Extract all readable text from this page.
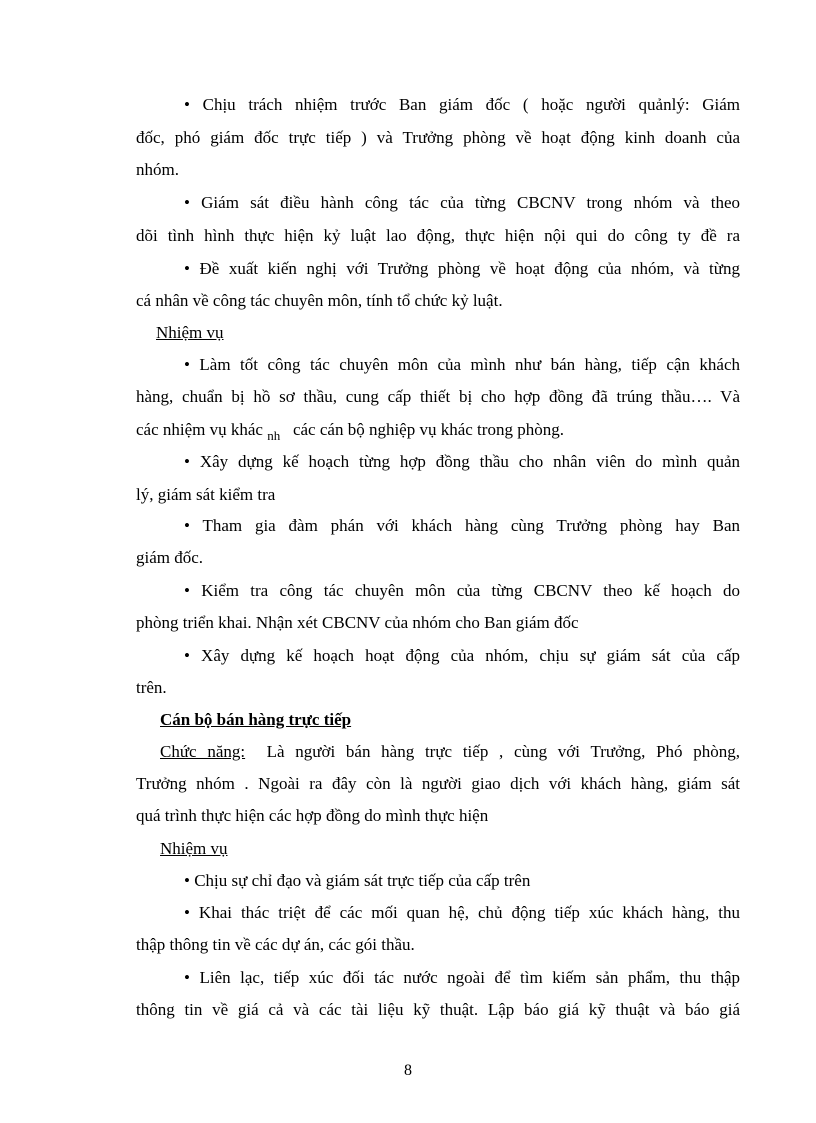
• Chịu trách nhiệm trước Ban giám đốc ( hoặc người quảnlý: Giám
đốc, phó giám đốc trực tiếp ) và Trưởng phòng về hoạt động kinh doanh của
nhóm.
• Giám sát điều hành công tác của từng CBCNV trong nhóm và theo
dõi tình hình thực hiện kỷ luật lao động, thực hiện nội qui do công ty đề ra
• Đề xuất kiến nghị với Trưởng phòng về hoạt động của nhóm, và từng
cá nhân về công tác chuyên môn, tính tổ chức kỷ luật.
Nhiệm vụ
• Làm tốt công tác chuyên môn của mình như bán hàng, tiếp cận khách
hàng, chuẩn bị hồ sơ thầu, cung cấp thiết bị cho hợp đồng đã trúng thầu…. Và
các nhiệm vụ khác $_{nh}$ các cán bộ nghiệp vụ khác trong phòng.
• Xây dựng kế hoạch từng hợp đồng thầu cho nhân viên do mình quản
lý, giám sát kiểm tra
• Tham gia đàm phán với khách hàng cùng Trưởng phòng hay Ban
giám đốc.
• Kiểm tra công tác chuyên môn của từng CBCNV theo kế hoạch do
phòng triển khai. Nhận xét CBCNV của nhóm cho Ban giám đốc
• Xây dựng kế hoạch hoạt động của nhóm, chịu sự giám sát của cấp
trên.
Cán bộ bán hàng trực tiếp
Chức năng: Là người bán hàng trực tiếp , cùng với Trưởng, Phó phòng,
Trưởng nhóm . Ngoài ra đây còn là người giao dịch với khách hàng, giám sát
quá trình thực hiện các hợp đồng do mình thực hiện
Nhiệm vụ
• Chịu sự chỉ đạo và giám sát trực tiếp của cấp trên
• Khai thác triệt để các mối quan hệ, chủ động tiếp xúc khách hàng, thu
thập thông tin về các dự án, các gói thầu.
• Liên lạc, tiếp xúc đối tác nước ngoài để tìm kiếm sản phẩm, thu thập
thông tin về giá cả và các tài liệu kỹ thuật. Lập báo giá kỹ thuật và báo giá
8
